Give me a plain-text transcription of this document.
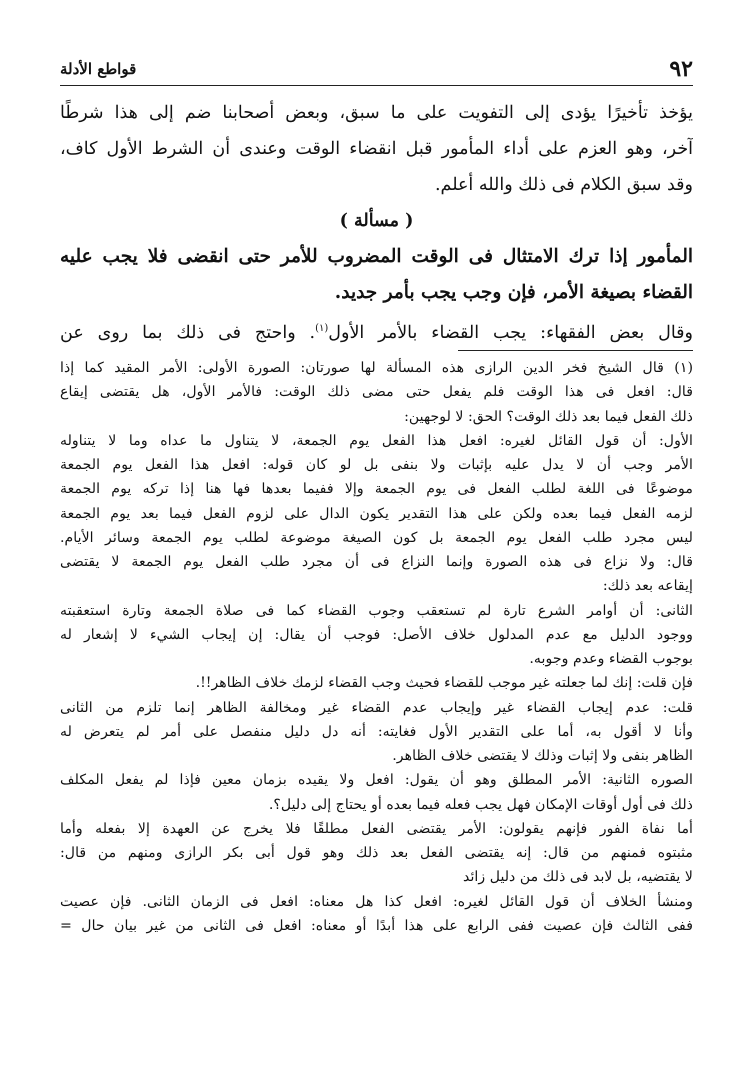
٩٢
قواطع الأدلة
يؤخذ تأخيرًا يؤدى إلى التفويت على ما سبق، وبعض أصحابنا ضم إلى هذا شرطًا
آخر، وهو العزم على أداء المأمور قبل انقضاء الوقت وعندى أن الشرط الأول كاف،
وقد سبق الكلام فى ذلك والله أعلم.
( مسألة )
المأمور إذا ترك الامتثال فى الوقت المضروب للأمر حتى انقضى فلا يجب عليه
القضاء بصيغة الأمر، فإن وجب يجب بأمر جديد.
وقال بعض الفقهاء: يجب القضاء بالأمر الأول$^{(١)}$. واحتج فى ذلك بما روى عن
(١) قال الشيخ فخر الدين الرازى هذه المسألة لها صورتان: الصورة الأولى: الأمر المقيد كما إذا
قال: افعل فى هذا الوقت فلم يفعل حتى مضى ذلك الوقت: فالأمر الأول، هل يقتضى إيقاع
ذلك الفعل فيما بعد ذلك الوقت؟ الحق: لا لوجهين:
الأول: أن قول القائل لغيره: افعل هذا الفعل يوم الجمعة، لا يتناول ما عداه وما لا يتناوله
الأمر وجب أن لا يدل عليه بإثبات ولا بنفى بل لو كان قوله: افعل هذا الفعل يوم الجمعة
موضوعًا فى اللغة لطلب الفعل فى يوم الجمعة وإلا ففيما بعدها فها هنا إذا تركه يوم الجمعة
لزمه الفعل فيما بعده ولكن على هذا التقدير يكون الدال على لزوم الفعل فيما بعد يوم الجمعة
ليس مجرد طلب الفعل يوم الجمعة بل كون الصيغة موضوعة لطلب يوم الجمعة وسائر الأيام.
قال: ولا نزاع فى هذه الصورة وإنما النزاع فى أن مجرد طلب الفعل يوم الجمعة لا يقتضى
إيقاعه بعد ذلك:
الثانى: أن أوامر الشرع تارة لم تستعقب وجوب القضاء كما فى صلاة الجمعة وتارة استعقبته
ووجود الدليل مع عدم المدلول خلاف الأصل: فوجب أن يقال: إن إيجاب الشيء لا إشعار له
بوجوب القضاء وعدم وجوبه.
فإن قلت: إنك لما جعلته غير موجب للقضاء فحيث وجب القضاء لزمك خلاف الظاهر!!.
قلت: عدم إيجاب القضاء غير وإيجاب عدم القضاء غير ومخالفة الظاهر إنما تلزم من الثانى
وأنا لا أقول به، أما على التقدير الأول فغايته: أنه دل دليل منفصل على أمر لم يتعرض له
الظاهر بنفى ولا إثبات وذلك لا يقتضى خلاف الظاهر.
الصوره الثانية: الأمر المطلق وهو أن يقول: افعل ولا يقيده بزمان معين فإذا لم يفعل المكلف
ذلك فى أول أوقات الإمكان فهل يجب فعله فيما بعده أو يحتاج إلى دليل؟.
أما نفاة الفور فإنهم يقولون: الأمر يقتضى الفعل مطلقًا فلا يخرج عن العهدة إلا بفعله وأما
مثبتوه فمنهم من قال: إنه يقتضى الفعل بعد ذلك وهو قول أبى بكر الرازى ومنهم من قال:
لا يقتضيه، بل لابد فى ذلك من دليل زائد
ومنشأ الخلاف أن قول القائل لغيره: افعل كذا هل معناه: افعل فى الزمان الثانى. فإن عصيت
ففى الثالث فإن عصيت ففى الرابع على هذا أبدًا أو معناه: افعل فى الثانى من غير بيان حال =
